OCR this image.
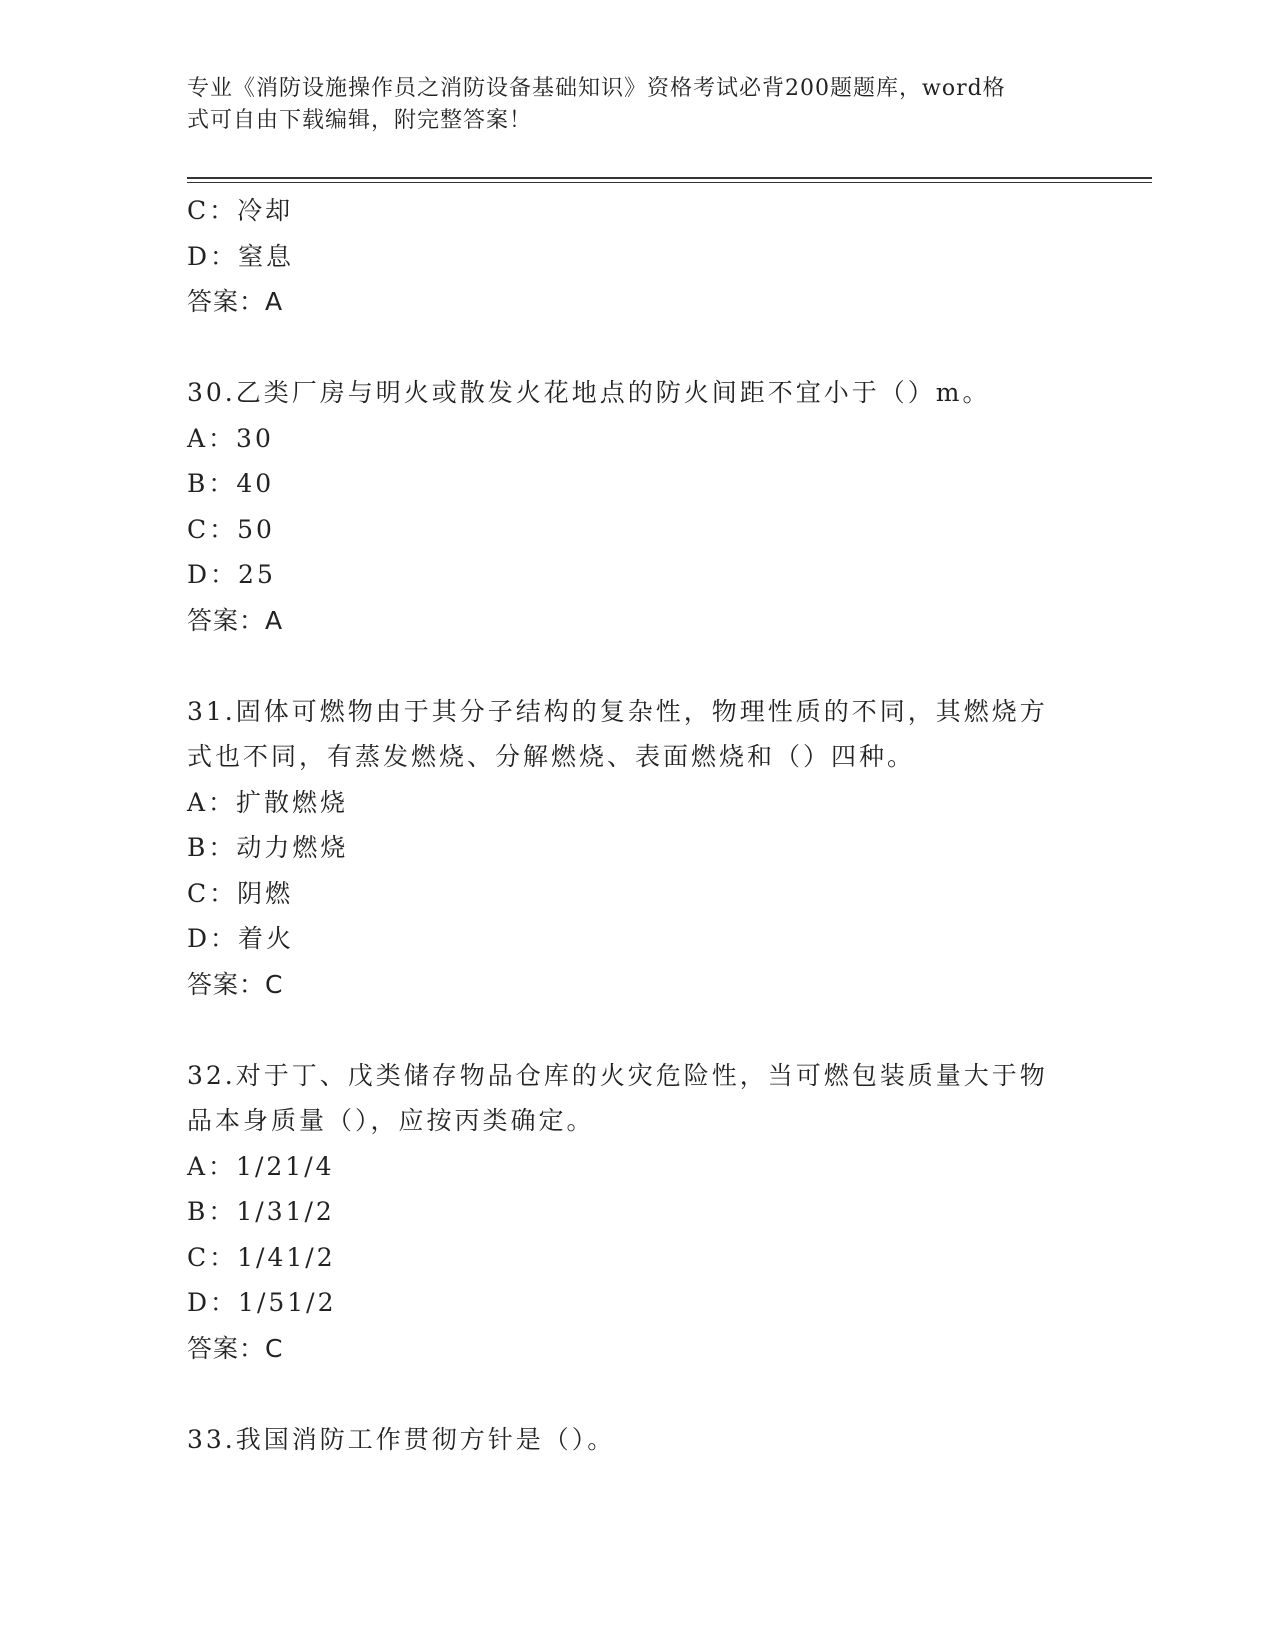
专业《消防设施操作员之消防设备基础知识》资格考试必背200题题库，word格
式可自由下载编辑，附完整答案！
C：冷却
D：窒息
答案：A
30.乙类厂房与明火或散发火花地点的防火间距不宜小于（）m。
A：30
B：40
C：50
D：25
答案：A
31.固体可燃物由于其分子结构的复杂性，物理性质的不同，其燃烧方
式也不同，有蒸发燃烧、分解燃烧、表面燃烧和（）四种。
A：扩散燃烧
B：动力燃烧
C：阴燃
D：着火
答案：C
32.对于丁、戊类储存物品仓库的火灾危险性，当可燃包装质量大于物
品本身质量（），应按丙类确定。
A：1/21/4
B：1/31/2
C：1/41/2
D：1/51/2
答案：C
33.我国消防工作贯彻方针是（）。
